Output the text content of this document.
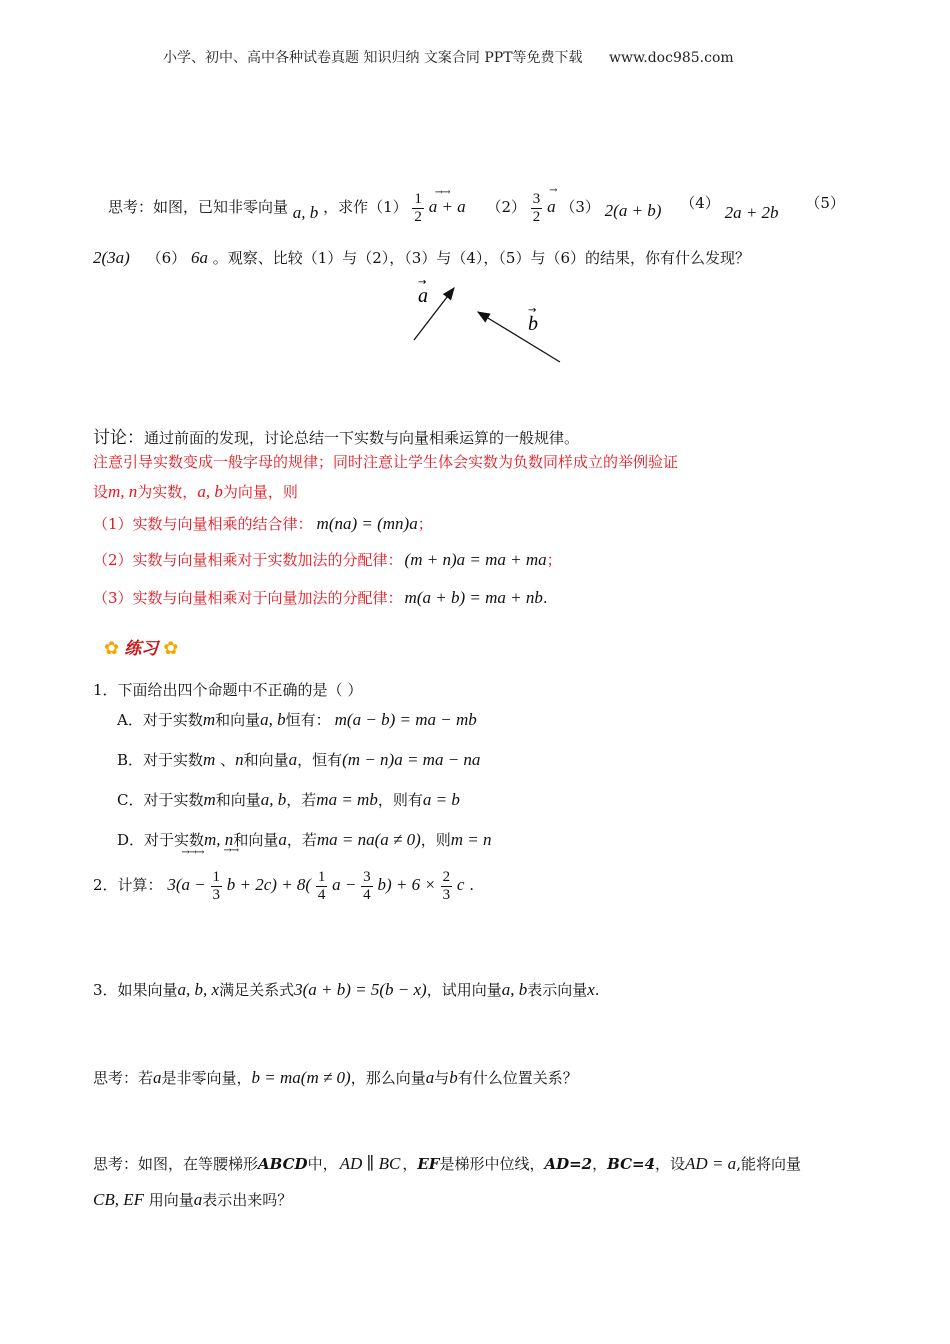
小学、初中、高中各种试卷真题 知识归纳 文案合同 PPT等免费下载 www.doc985.com
思考：如图，已知非零向量 a, b ，求作$(1) \frac{1}{2}$
→→
a + a $(2) \frac{3}{2}$
→
a （3） 2(a + b) （4） 2a + 2b （5）
2(3a) （6） 6a 。观察、比较（1）与（2），（3）与（4），（5）与（6）的结果，你有什么发现？
a
→
b
→
讨论：通过前面的发现，讨论总结一下实数与向量相乘运算的一般规律。
注意引导实数变成一般字母的规律；同时注意让学生体会实数为负数同样成立的举例验证
设m, n为实数，a, b为向量，则
（1）实数与向量相乘的结合律： m(na) = (mn)a；
（2）实数与向量相乘对于实数加法的分配律： (m + n)a = ma + ma；
（3）实数与向量相乘对于向量加法的分配律： m(a + b) = ma + nb.
✿ 练习 ✿
1．下面给出四个命题中不正确的是（ ）
A．对于实数m和向量a, b恒有： m(a − b) = ma − mb
B．对于实数m 、n和向量a，恒有(m − n)a = ma − na
C．对于实数m和向量a, b，若ma = mb，则有a = b
D．对于实数m, n和向量a，若ma = na(a ≠ 0)，则m = n
2．计算：
→→→ →→
$3(a - \frac{1}{3}$ $b + 2c) + 8( \frac{1}{4}$ $a - \frac{3}{4} b) + 6 \times \frac{2}{3}$ c .
3．如果向量a, b, x满足关系式3(a + b) = 5(b − x)，试用向量a, b表示向量x.
思考：若a是非零向量，b = ma(m ≠ 0)，那么向量a与b有什么位置关系？
思考：如图，在等腰梯形ABCD中， AD ∥ BC ，EF是梯形中位线，AD=2，BC=4，设AD = a,能将向量
CB, EF 用向量a表示出来吗？
